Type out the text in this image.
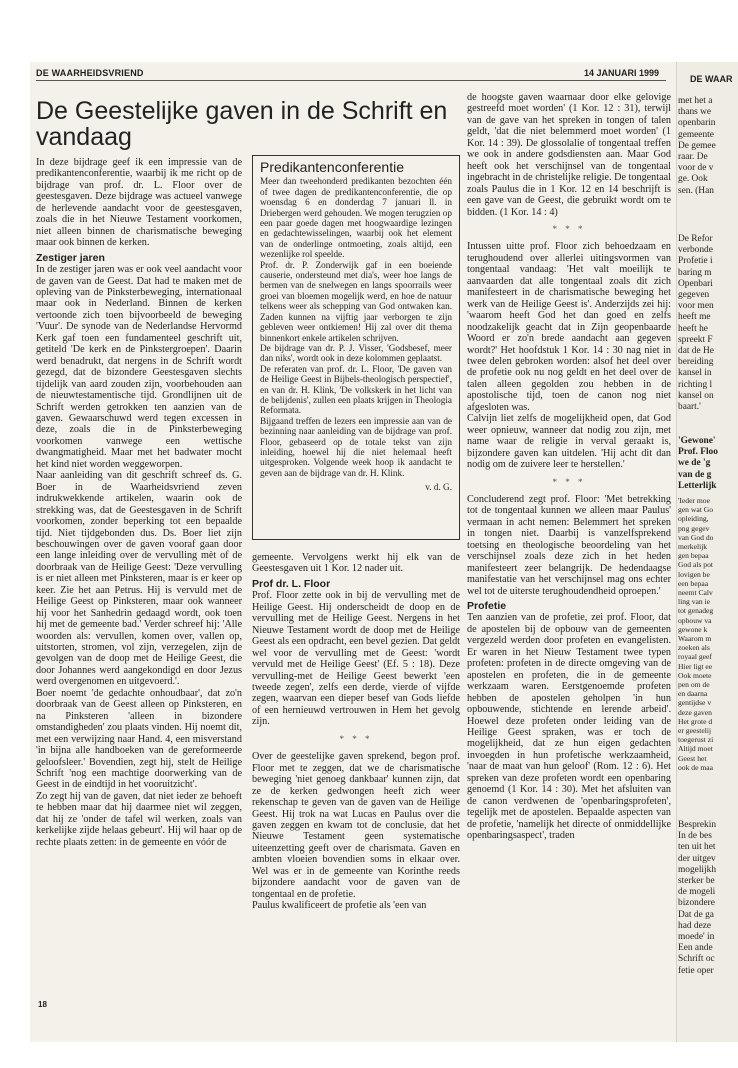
DE WAARHEIDSVRIEND	14 JANUARI 1999
DE WAAR
De Geestelijke gaven in de Schrift en vandaag

In deze bijdrage geef ik een impressie van de predikantenconferentie, waarbij ik me richt op de bijdrage van prof. dr. L. Floor over de geestesgaven. Deze bijdrage was actueel vanwege de herlevende aandacht voor de geestesgaven, zoals die in het Nieuwe Testament voorkomen, niet alleen binnen de charismatische beweging maar ook binnen de kerken.

Zestiger jaren

In de zestiger jaren was er ook veel aandacht voor de gaven van de Geest. Dat had te maken met de opleving van de Pinksterbeweging, internationaal maar ook in Nederland. Binnen de kerken vertoonde zich toen bijvoorbeeld de beweging 'Vuur'. De synode van de Nederlandse Hervormd Kerk gaf toen een fundamenteel geschrift uit, getiteld 'De kerk en de Pinkstergroepen'. Daarin werd benadrukt, dat nergens in de Schrift wordt gezegd, dat de bizondere Geestesgaven slechts tijdelijk van aard zouden zijn, voorbehouden aan de nieuwtestamentische tijd. Grondlijnen uit de Schrift werden getrokken ten aanzien van de gaven. Gewaarschuwd werd tegen excessen in deze, zoals die in de Pinksterbeweging voorkomen vanwege een wettische dwangmatigheid. Maar met het badwater mocht het kind niet worden weggeworpen.

Naar aanleiding van dit geschrift schreef ds. G. Boer in de Waarheidsvriend zeven indrukwekkende artikelen, waarin ook de strekking was, dat de Geestesgaven in de Schrift voorkomen, zonder beperking tot een bepaalde tijd. Niet tijdgebonden dus. Ds. Boer liet zijn beschouwingen over de gaven vooraf gaan door een lange inleiding over de vervulling mèt of de doorbraak van de Heilige Geest: 'Deze vervulling is er niet alleen met Pinksteren, maar is er keer op keer. Zie het aan Petrus. Hij is vervuld met de Heilige Geest op Pinksteren, maar ook wanneer hij voor het Sanhedrin gedaagd wordt, ook toen hij met de gemeente bad.' Verder schreef hij: 'Alle woorden als: vervullen, komen over, vallen op, uitstorten, stromen, vol zijn, verzegelen, zijn de gevolgen van de doop met de Heilige Geest, die door Johannes werd aangekondigd en door Jezus werd overgenomen en uitgevoerd.'.

Boer noemt 'de gedachte onhoudbaar', dat zo'n doorbraak van de Geest alleen op Pinksteren, en na Pinksteren 'alleen in bizondere omstandigheden' zou plaats vinden. Hij noemt dit, met een verwijzing naar Hand. 4, een misverstand 'in bijna alle handboeken van de gereformeerde geloofsleer.' Bovendien, zegt hij, stelt de Heilige Schrift 'nog een machtige doorwerking van de Geest in de eindtijd in het vooruitzicht'.

Zo zegt hij van de gaven, dat niet ieder ze behoeft te hebben maar dat hij daarmee niet wil zeggen, dat hij ze 'onder de tafel wil werken, zoals van kerkelijke zijde helaas gebeurt'. Hij wil haar op de rechte plaats zetten: in de gemeente en vóór de

Predikantenconferentie

Meer dan tweehonderd predikanten bezochten één of twee dagen de predikantenconferentie, die op woensdag 6 en donderdag 7 januari ll. in Driebergen werd gehouden. We mogen terugzien op een paar goede dagen met hoogwaardige lezingen en gedachtewisselingen, waarbij ook het element van de onderlinge ontmoeting, zoals altijd, een wezenlijke rol speelde.

Prof. dr. P. Zonderwijk gaf in een boeiende causerie, ondersteund met dia's, weer hoe langs de bermen van de snelwegen en langs spoorrails weer groei van bloemen mogelijk werd, en hoe de natuur telkens weer als schepping van God ontwaken kan. Zaden kunnen na vijftig jaar verborgen te zijn gebleven weer ontkiemen! Hij zal over dit thema binnenkort enkele artikelen schrijven.

De bijdrage van dr. P. J. Visser, 'Godsbesef, meer dan niks', wordt ook in deze kolommen geplaatst.

De referaten van prof. dr. L. Floor, 'De gaven van de Heilige Geest in Bijbels-theologisch perspectief', en van dr. H. Klink, 'De volkskerk in het licht van de belijdenis', zullen een plaats krijgen in Theologia Reformata.

Bijgaand treffen de lezers een impressie aan van de bezinning naar aanleiding van de bijdrage van prof. Floor, gebaseerd op de totale tekst van zijn inleiding, hoewel hij die niet helemaal heeft uitgesproken. Volgende week hoop ik aandacht te geven aan de bijdrage van dr. H. Klink.

v. d. G.

gemeente. Vervolgens werkt hij elk van de Geestesgaven uit 1 Kor. 12 nader uit.

Prof dr. L. Floor

Prof. Floor zette ook in bij de vervulling met de Heilige Geest. Hij onderscheidt de doop en de vervulling met de Heilige Geest. Nergens in het Nieuwe Testament wordt de doop met de Heilige Geest als een opdracht, een bevel gezien. Dat geldt wel voor de vervulling met de Geest: 'wordt vervuld met de Heilige Geest' (Ef. 5 : 18). Deze vervulling-met de Heilige Geest bewerkt 'een tweede zegen', zelfs een derde, vierde of vijfde zegen, waarvan een dieper besef van Gods liefde of een hernieuwd vertrouwen in Hem het gevolg zijn.

* * *

Over de geestelijke gaven sprekend, begon prof. Floor met te zeggen, dat we de charismatische beweging 'niet genoeg dankbaar' kunnen zijn, dat ze de kerken gedwongen heeft zich weer rekenschap te geven van de gaven van de Heilige Geest. Hij trok na wat Lucas en Paulus over die gaven zeggen en kwam tot de conclusie, dat het Nieuwe Testament geen systematische uiteenzetting geeft over de charismata. Gaven en ambten vloeien bovendien soms in elkaar over. Wel was er in de gemeente van Korinthe reeds bijzondere aandacht voor de gaven van de tongentaal en de profetie.

Paulus kwalificeert de profetie als 'een van

de hoogste gaven waarnaar door elke gelovige gestreefd moet worden' (1 Kor. 12 : 31), terwijl van de gave van het spreken in tongen of talen geldt, 'dat die niet belemmerd moet worden' (1 Kor. 14 : 39). De glossolalie of tongentaal treffen we ook in andere godsdiensten aan. Maar God heeft ook het verschijnsel van de tongentaal ingebracht in de christelijke religie. De tongentaal zoals Paulus die in 1 Kor. 12 en 14 beschrijft is een gave van de Geest, die gebruikt wordt om te bidden. (1 Kor. 14 : 4)

* * *

Intussen uitte prof. Floor zich behoedzaam en terughoudend over allerlei uitingsvormen van tongentaal vandaag: 'Het valt moeilijk te aanvaarden dat alle tongentaal zoals dit zich manifesteert in de charismatische beweging het werk van de Heilige Geest is'. Anderzijds zei hij: 'waarom heeft God het dan goed en zelfs noodzakelijk geacht dat in Zijn geopenbaarde Woord er zo'n brede aandacht aan gegeven wordt?' Het hoofdstuk 1 Kor. 14 : 30 nag niet in twee delen gebroken worden: alsof het deel over de profetie ook nu nog geldt en het deel over de talen alleen gegolden zou hebben in de apostolische tijd, toen de canon nog niet afgesloten was.

Calvijn liet zelfs de mogelijkheid open, dat God weer opnieuw, wanneer dat nodig zou zijn, met name waar de religie in verval geraakt is, bijzondere gaven kan uitdelen. 'Hij acht dit dan nodig om de zuivere leer te herstellen.'

* * *

Concluderend zegt prof. Floor: 'Met betrekking tot de tongentaal kunnen we alleen maar Paulus' vermaan in acht nemen: Belemmert het spreken in tongen niet. Daarbij is vanzelfsprekend toetsing en theologische beoordeling van het verschijnsel zoals deze zich in het heden manifesteert zeer belangrijk. De hedendaagse manifestatie van het verschijnsel mag ons echter wel tot de uiterste terughoudendheid oproepen.'

Profetie

Ten aanzien van de profetie, zei prof. Floor, dat de apostelen bij de opbouw van de gemeenten vergezeld werden door profeten en evangelisten. Er waren in het Nieuw Testament twee typen profeten: profeten in de directe omgeving van de apostelen en profeten, die in de gemeente werkzaam waren. Eerstgenoemde profeten hebben de apostelen geholpen 'in hun opbouwende, stichtende en lerende arbeid'. Hoewel deze profeten onder leiding van de Heilige Geest spraken, was er toch de mogelijkheid, dat ze hun eigen gedachten invoegden in hun profetische werkzaamheid, 'naar de maat van hun geloof' (Rom. 12 : 6). Het spreken van deze profeten wordt een openbaring genoemd (1 Kor. 14 : 30). Met het afsluiten van de canon verdwenen de 'openbaringsprofeten', tegelijk met de apostelen. Bepaalde aspecten van de profetie, 'namelijk het directe of onmiddellijke openbaringsaspect', traden

18
met het a
thans we
openbarin
gemeente
De gemee
raar. De
voor de v
ge. Ook
sen. (Han
De Refor
verbonde
Profetie i
baring m
Openbari
gegeven
voor men
heeft me
heeft he
spreekt F
dat de He
bereiding
kansel in
richting l
kansel on
baart.'
'Gewone'
Prof. Floo
we de 'g
van de g
Letterlijk
'Ieder moe
gen wat Go
opleiding,
png gegev
van God do
merkelijk
gen bepaa
God als pot
lovigen be
een bepaa
neemt Calv
ling van ie
tot genadeg
opbouw va
gewone k
Waarom m
zoeken als
royaal geef
Hier ligt ee
Ook moete
pen om de
en daarna
gentijdse v
deze gaven
Het grote d
er geestelij
toegerust zi
Altijd moet
Geest het
ook de maa
Besprekin
In de bes
ten uit het
der uitgev
mogelijkh
sterker be
de mogeli
bizondere
Dat de ga
had deze
moede' in
Een ande
Schrift oc
fetie oper
